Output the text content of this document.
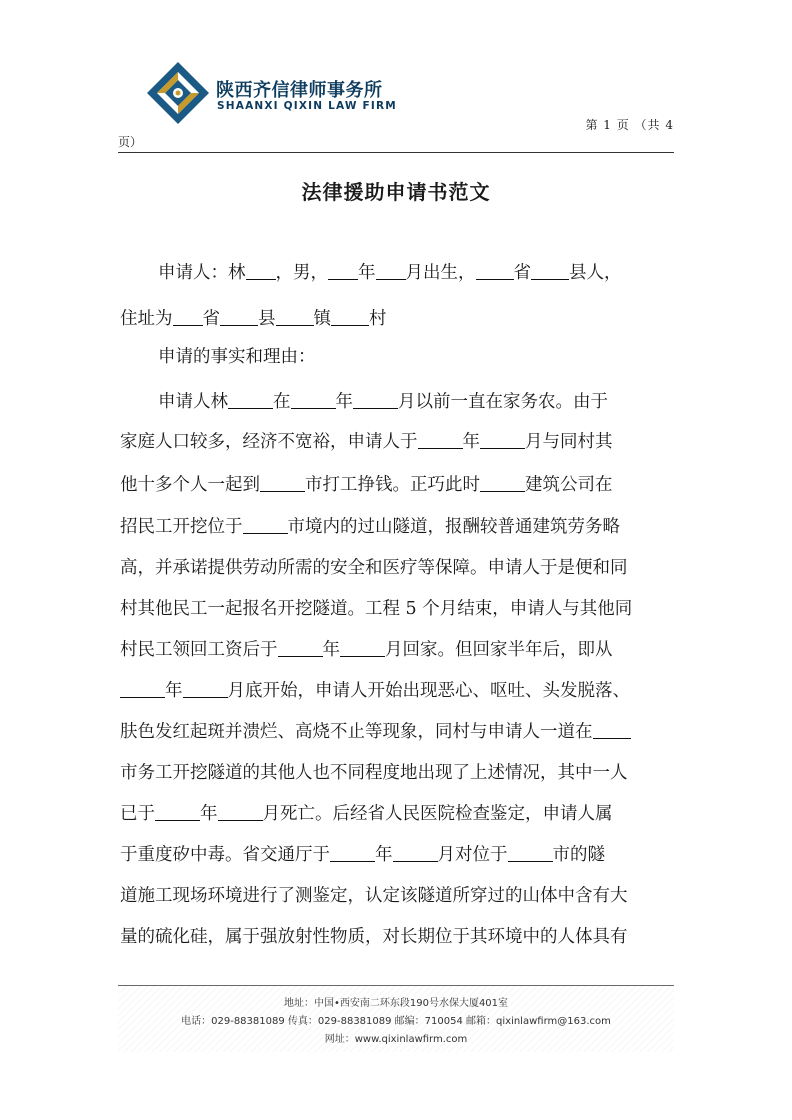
陕西齐信律师事务所
SHAANXI QIXIN LAW FIRM
第 1 页 （共 4
页）
法律援助申请书范文
申请人：林 ，男， 年 月出生， 省 县人，
住址为 省 县 镇 村
申请的事实和理由：
申请人林	在	年	月以前一直在家务农。由于
家庭人口较多，经济不宽裕，申请人于	年	月与同村其
他十多个人一起到	市打工挣钱。正巧此时	建筑公司在
招民工开挖位于	市境内的过山隧道，报酬较普通建筑劳务略
高，并承诺提供劳动所需的安全和医疗等保障。申请人于是便和同
村其他民工一起报名开挖隧道。工程 5 个月结束，申请人与其他同
村民工领回工资后于	年	月回家。但回家半年后，即从
年	月底开始，申请人开始出现恶心、呕吐、头发脱落、
肤色发红起斑并溃烂、高烧不止等现象，同村与申请人一道在
市务工开挖隧道的其他人也不同程度地出现了上述情况，其中一人
已于	年	月死亡。后经省人民医院检查鉴定，申请人属
于重度矽中毒。省交通厅于	年	月对位于	市的隧
道施工现场环境进行了测鉴定，认定该隧道所穿过的山体中含有大
量的硫化硅，属于强放射性物质，对长期位于其环境中的人体具有
地址：中国•西安南二环东段190号水保大厦401室
电话：029-88381089 传真：029-88381089 邮编：710054 邮箱：qixinlawfirm@163.com
网址：www.qixinlawfirm.com
